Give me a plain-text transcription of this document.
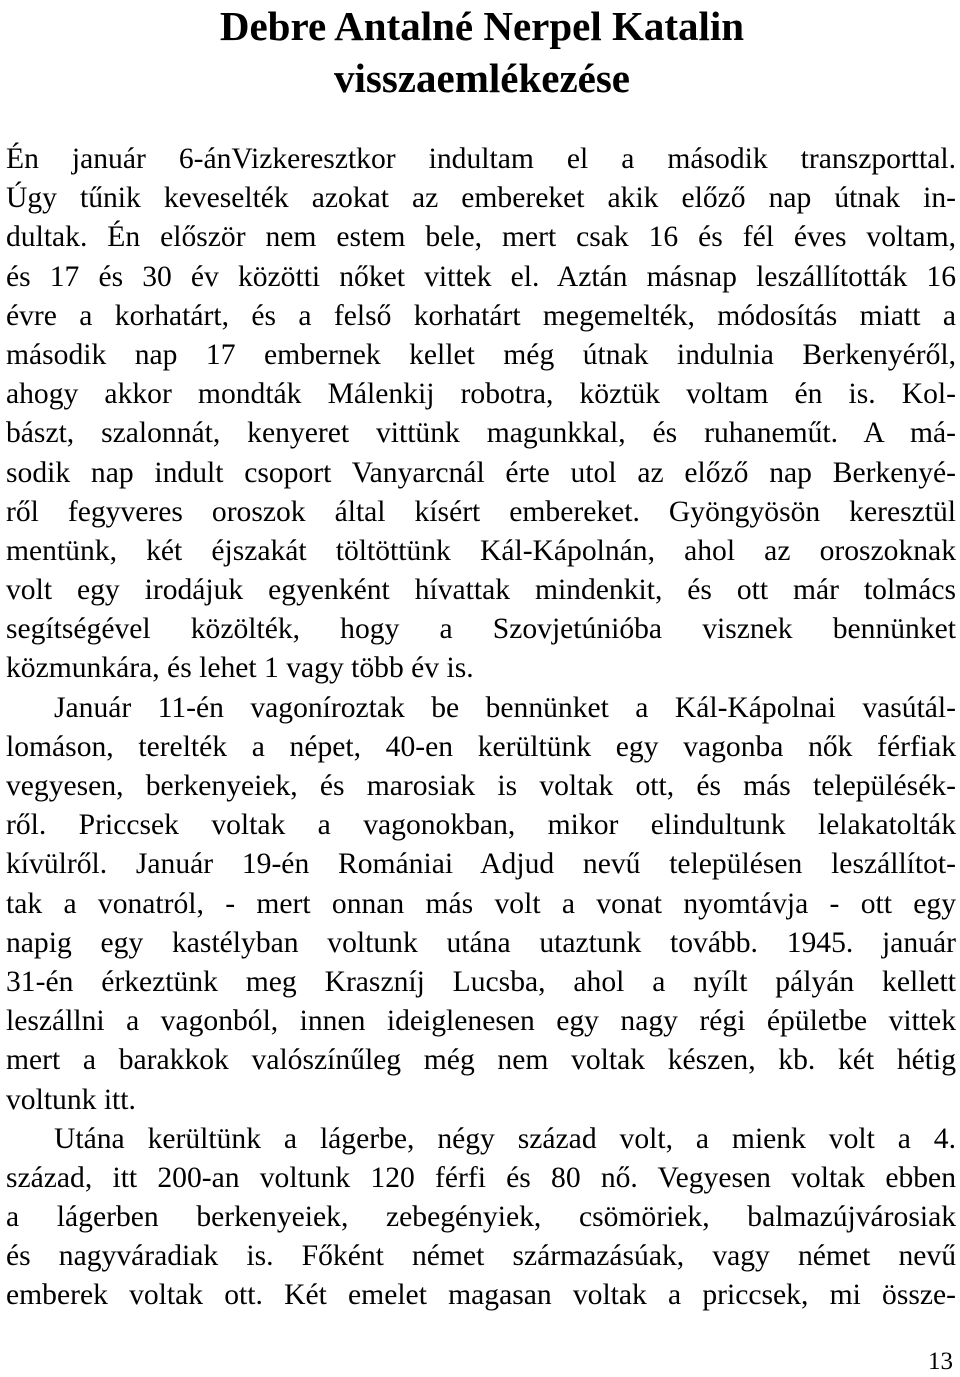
Debre Antalné Nerpel Katalin
visszaemlékezése
Én január 6-ánVizkeresztkor indultam el a második transzporttal.
Úgy tűnik keveselték azokat az embereket akik előző nap útnak in-
dultak. Én először nem estem bele, mert csak 16 és fél éves voltam,
és 17 és 30 év közötti nőket vittek el. Aztán másnap leszállították 16
évre a korhatárt, és a felső korhatárt megemelték, módosítás miatt a
második nap 17 embernek kellet még útnak indulnia Berkenyéről,
ahogy akkor mondták Málenkij robotra, köztük voltam én is. Kol-
bászt, szalonnát, kenyeret vittünk magunkkal, és ruhaneműt. A má-
sodik nap indult csoport Vanyarcnál érte utol az előző nap Berkenyé-
ről fegyveres oroszok által kísért embereket. Gyöngyösön keresztül
mentünk, két éjszakát töltöttünk Kál-Kápolnán, ahol az oroszoknak
volt egy irodájuk egyenként hívattak mindenkit, és ott már tolmács
segítségével közölték, hogy a Szovjetúnióba visznek bennünket
közmunkára, és lehet 1 vagy több év is.
Január 11-én vagoníroztak be bennünket a Kál-Kápolnai vasútál-
lomáson, terelték a népet, 40-en kerültünk egy vagonba nők férfiak
vegyesen, berkenyeiek, és marosiak is voltak ott, és más településék-
ről. Priccsek voltak a vagonokban, mikor elindultunk lelakatolták
kívülről. Január 19-én Romániai Adjud nevű településen leszállítot-
tak a vonatról, - mert onnan más volt a vonat nyomtávja - ott egy
napig egy kastélyban voltunk utána utaztunk tovább. 1945. január
31-én érkeztünk meg Kraszníj Lucsba, ahol a nyílt pályán kellett
leszállni a vagonból, innen ideiglenesen egy nagy régi épületbe vittek
mert a barakkok valószínűleg még nem voltak készen, kb. két hétig
voltunk itt.
Utána kerültünk a lágerbe, négy század volt, a mienk volt a 4.
század, itt 200-an voltunk 120 férfi és 80 nő. Vegyesen voltak ebben
a lágerben berkenyeiek, zebegényiek, csömöriek, balmazújvárosiak
és nagyváradiak is. Főként német származásúak, vagy német nevű
emberek voltak ott. Két emelet magasan voltak a priccsek, mi össze-
13
